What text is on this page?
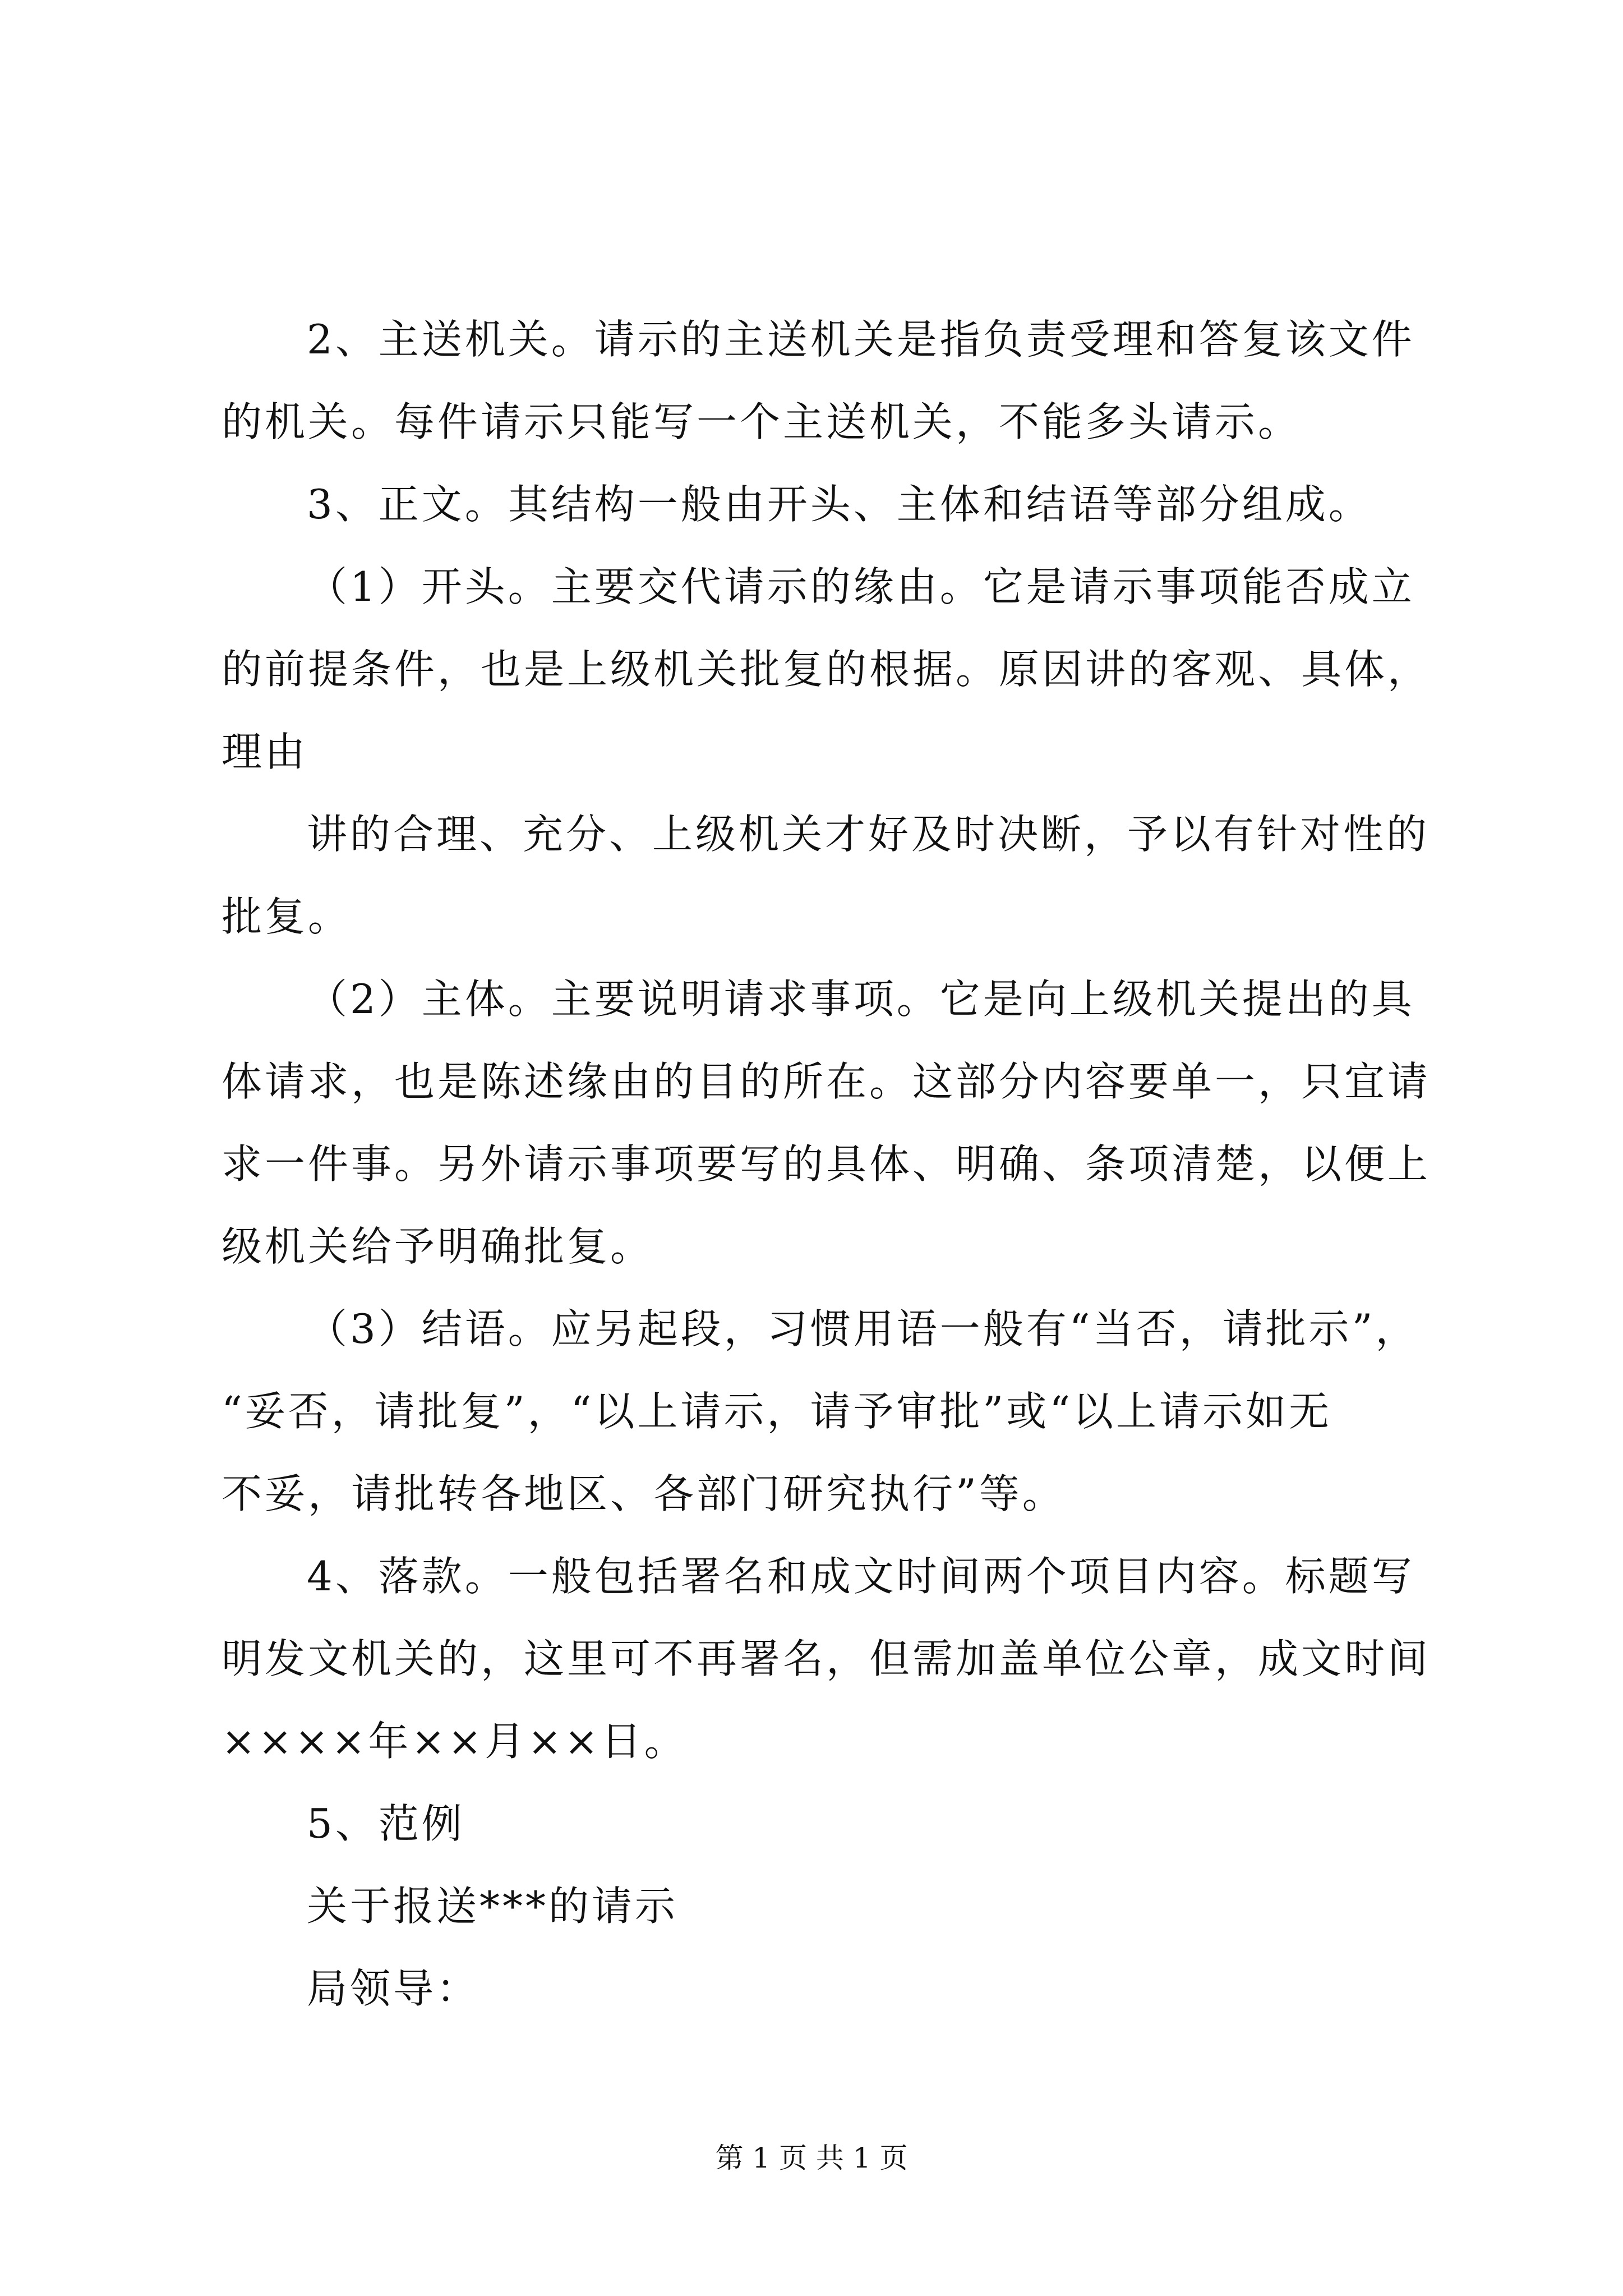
2、主送机关。请示的主送机关是指负责受理和答复该文件
的机关。每件请示只能写一个主送机关，不能多头请示。
3、正文。其结构一般由开头、主体和结语等部分组成。
（1）开头。主要交代请示的缘由。它是请示事项能否成立
的前提条件，也是上级机关批复的根据。原因讲的客观、具体，
理由
讲的合理、充分、上级机关才好及时决断，予以有针对性的
批复。
（2）主体。主要说明请求事项。它是向上级机关提出的具
体请求，也是陈述缘由的目的所在。这部分内容要单一，只宜请
求一件事。另外请示事项要写的具体、明确、条项清楚，以便上
级机关给予明确批复。
（3）结语。应另起段，习惯用语一般有“当否，请批示”，
“妥否，请批复”，“以上请示，请予审批”或“以上请示如无
不妥，请批转各地区、各部门研究执行”等。
4、落款。一般包括署名和成文时间两个项目内容。标题写
明发文机关的，这里可不再署名，但需加盖单位公章，成文时间
××××年××月××日。
5、范例
关于报送***的请示
局领导：
第 1 页 共 1 页
